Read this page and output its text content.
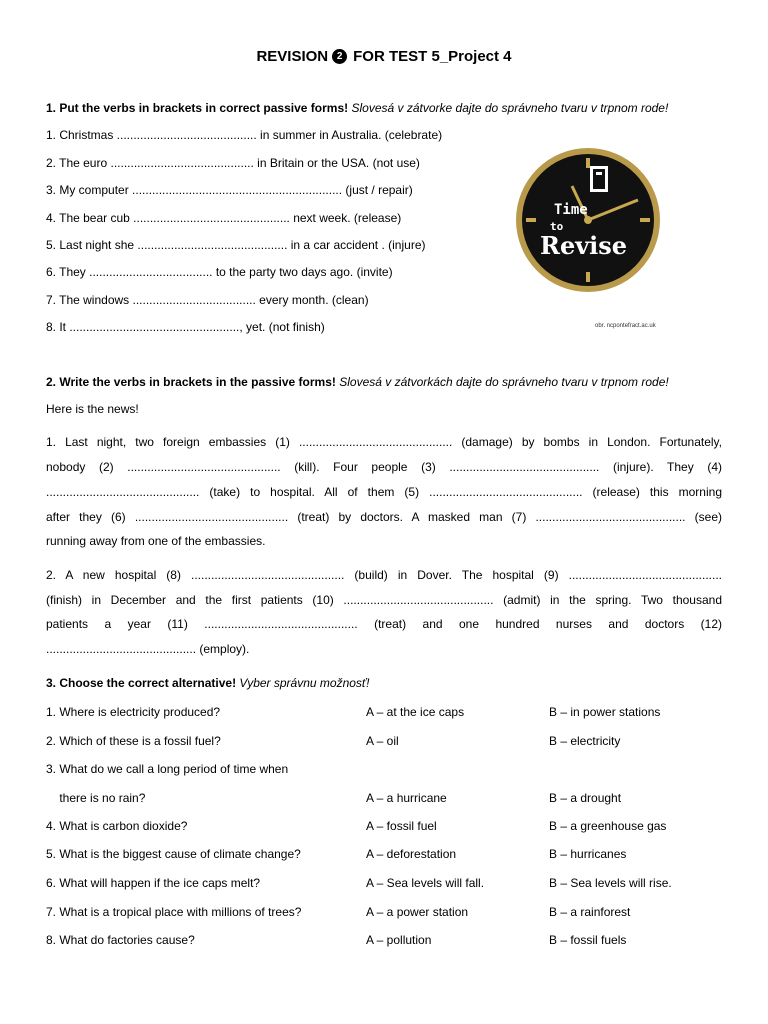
REVISION 2 FOR TEST 5_Project 4
1. Put the verbs in brackets in correct passive forms! Slovesá v zátvorke dajte do správneho tvaru v trpnom rode!
1. Christmas .......................................... in summer in Australia. (celebrate)
2. The euro ........................................... in Britain or the USA. (not use)
3. My computer ............................................................... (just / repair)
4. The bear cub ............................................... next week. (release)
5. Last night she ............................................. in a car accident . (injure)
6. They ..................................... to the party two days ago. (invite)
7. The windows ..................................... every month. (clean)
8. It ..................................................., yet. (not finish)
Time
to
Revise
obr. ncpontefract.ac.uk
2. Write the verbs in brackets in the passive forms! Slovesá v zátvorkách dajte do správneho tvaru v trpnom rode!
Here is the news!
1. Last night, two foreign embassies (1) .............................................. (damage) by bombs in London. Fortunately,
nobody (2) .............................................. (kill). Four people (3) ............................................. (injure). They (4)
.............................................. (take) to hospital. All of them (5) .............................................. (release) this morning
after they (6) .............................................. (treat) by doctors. A masked man (7) ............................................. (see)
running away from one of the embassies.
2. A new hospital (8) .............................................. (build) in Dover. The hospital (9) ..............................................
(finish) in December and the first patients (10) ............................................. (admit) in the spring. Two thousand
patients a year (11) .............................................. (treat) and one hundred nurses and doctors (12)
............................................. (employ).
3. Choose the correct alternative! Vyber správnu možnosť!
1. Where is electricity produced?	A – at the ice caps	B – in power stations
2. Which of these is a fossil fuel?	A – oil	B – electricity
3. What do we call a long period of time when
there is no rain?	A – a hurricane	B – a drought
4. What is carbon dioxide?	A – fossil fuel	B – a greenhouse gas
5. What is the biggest cause of climate change?	A – deforestation	B – hurricanes
6. What will happen if the ice caps melt?	A – Sea levels will fall.	B – Sea levels will rise.
7. What is a tropical place with millions of trees?	A – a power station	B – a rainforest
8. What do factories cause?	A – pollution	B – fossil fuels
